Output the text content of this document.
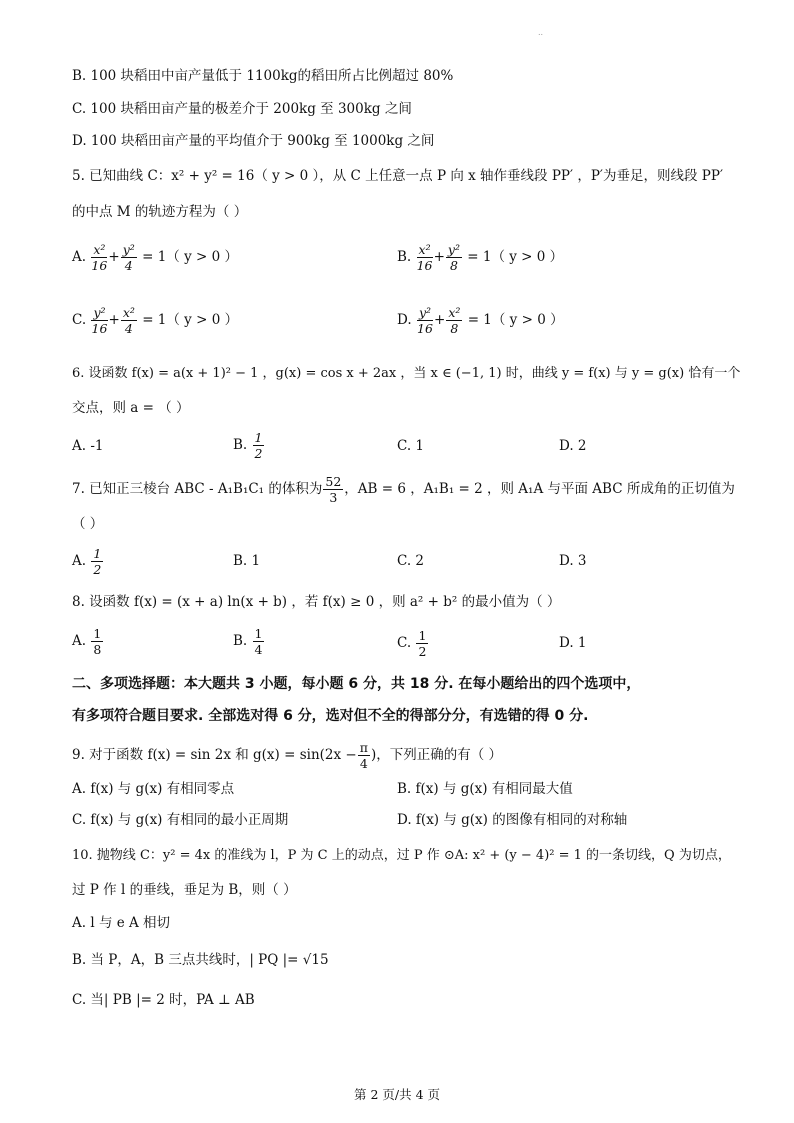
..
B. 100 块稻田中亩产量低于 1100kg的稻田所占比例超过 80%
C. 100 块稻田亩产量的极差介于 200kg 至 300kg 之间
D. 100 块稻田亩产量的平均值介于 900kg 至 1000kg 之间
5. 已知曲线 C：x² + y² = 16（ y > 0 ），从 C 上任意一点 P 向 x 轴作垂线段 PP′ ，P′为垂足，则线段 PP′
的中点 M 的轨迹方程为（ ）
A. $\frac{\text{x²}}{16} + \frac{\text{y²}}{4} = 1$（ y > 0 ）	B. $\frac{\text{x²}}{16} + \frac{\text{y²}}{8} = 1$（ y > 0 ）
C. $\frac{\text{y²}}{16} + \frac{\text{x²}}{4} = 1$（ y > 0 ）	D. $\frac{\text{y²}}{16} + \frac{\text{x²}}{8} = 1$（ y > 0 ）
6. 设函数 f(x) = a(x + 1)² − 1 ，g(x) = cos x + 2ax ，当 x ∈ (−1, 1) 时，曲线 y = f(x) 与 y = g(x) 恰有一个
交点，则 a = （ ）
A. -1	B. $\frac{1}{2}$	C. 1	D. 2
7. 已知正三棱台 ABC - A₁B₁C₁ 的体积为 $\frac{52}{3}$ ，AB = 6 ，A₁B₁ = 2 ，则 A₁A 与平面 ABC 所成角的正切值为
（ ）
A. $\frac{1}{2}$	B. 1	C. 2	D. 3
8. 设函数 f(x) = (x + a) ln(x + b) ，若 f(x) ≥ 0 ，则 a² + b² 的最小值为（ ）
A. $\frac{1}{8}$	B. $\frac{1}{4}$	C. $\frac{1}{2}$	D. 1
二、多项选择题：本大题共 3 小题，每小题 6 分，共 18 分. 在每小题给出的四个选项中，
有多项符合题目要求. 全部选对得 6 分，选对但不全的得部分分，有选错的得 0 分.
9. 对于函数 f(x) = sin 2x 和 $g(x) = \sin(2x - \frac{\pi}{4}$ )，下列正确的有（ ）
A. f(x) 与 g(x) 有相同零点	B. f(x) 与 g(x) 有相同最大值
C. f(x) 与 g(x) 有相同的最小正周期	D. f(x) 与 g(x) 的图像有相同的对称轴
10. 抛物线 C：y² = 4x 的准线为 l，P 为 C 上的动点，过 P 作 ⊙A: x² + (y − 4)² = 1 的一条切线，Q 为切点，
过 P 作 l 的垂线，垂足为 B，则（ ）
A. l 与 e A 相切
B. 当 P，A，B 三点共线时，| PQ |= √15
C. 当| PB |= 2 时，PA ⊥ AB
第 2 页/共 4 页
